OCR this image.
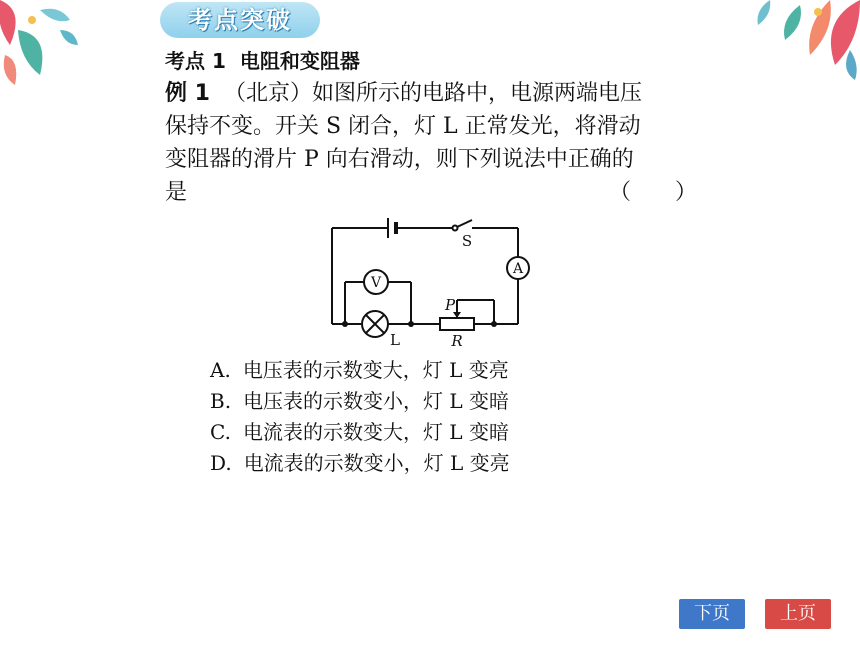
考点突破
考点 1 电阻和变阻器
例 1 （北京）如图所示的电路中，电源两端电压
保持不变。开关 S 闭合，灯 L 正常发光，将滑动
变阻器的滑片 P 向右滑动，则下列说法中正确的
是	（　　）
S
A
V
L
P
R
A. 电压表的示数变大，灯 L 变亮
B. 电压表的示数变小，灯 L 变暗
C. 电流表的示数变大，灯 L 变暗
D. 电流表的示数变小，灯 L 变亮
下页	上页
